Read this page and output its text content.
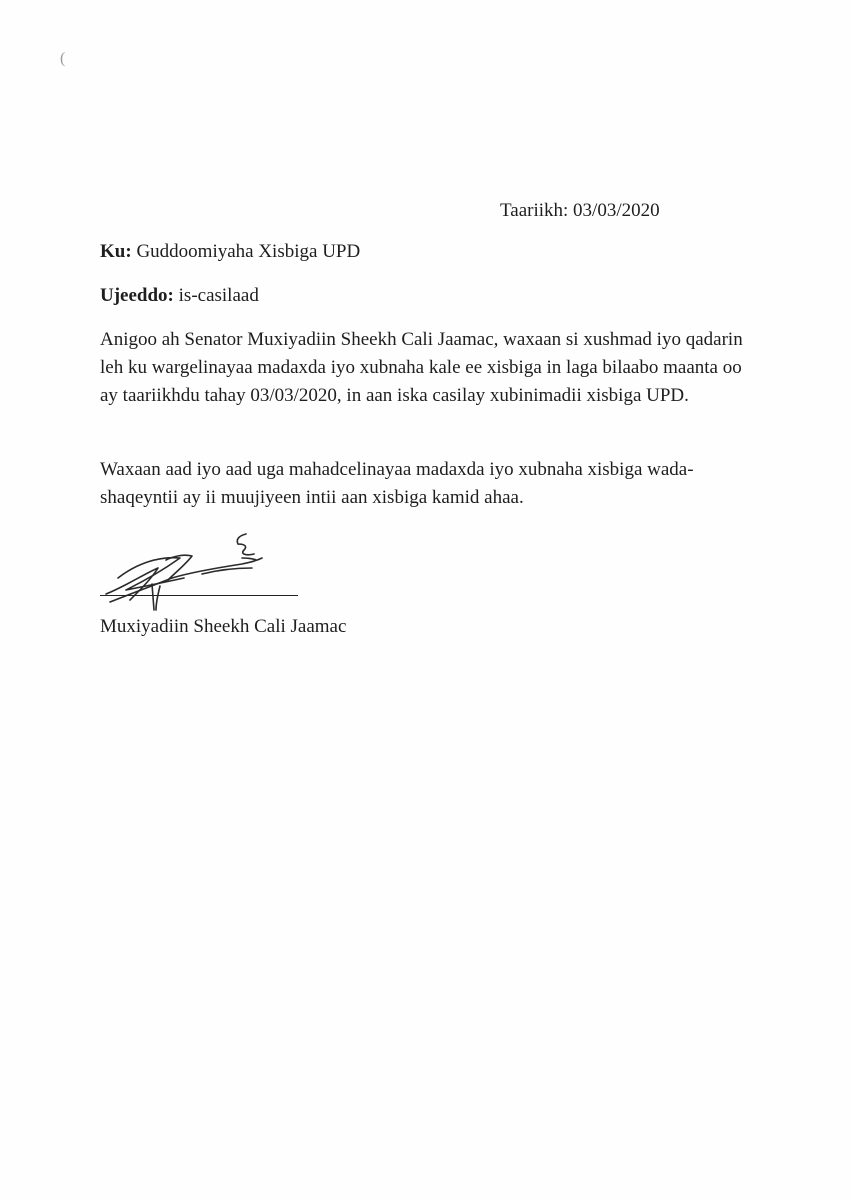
(
Taariikh: 03/03/2020
Ku: Guddoomiyaha Xisbiga UPD
Ujeeddo: is-casilaad

Anigoo ah Senator Muxiyadiin Sheekh Cali Jaamac, waxaan si xushmad iyo qadarin leh ku wargelinayaa madaxda iyo xubnaha kale ee xisbiga in laga bilaabo maanta oo ay taariikhdu tahay 03/03/2020, in aan iska casilay xubinimadii xisbiga UPD.

Waxaan aad iyo aad uga mahadcelinayaa madaxda iyo xubnaha xisbiga wada-shaqeyntii ay ii muujiyeen intii aan xisbiga kamid ahaa.

Muxiyadiin Sheekh Cali Jaamac
